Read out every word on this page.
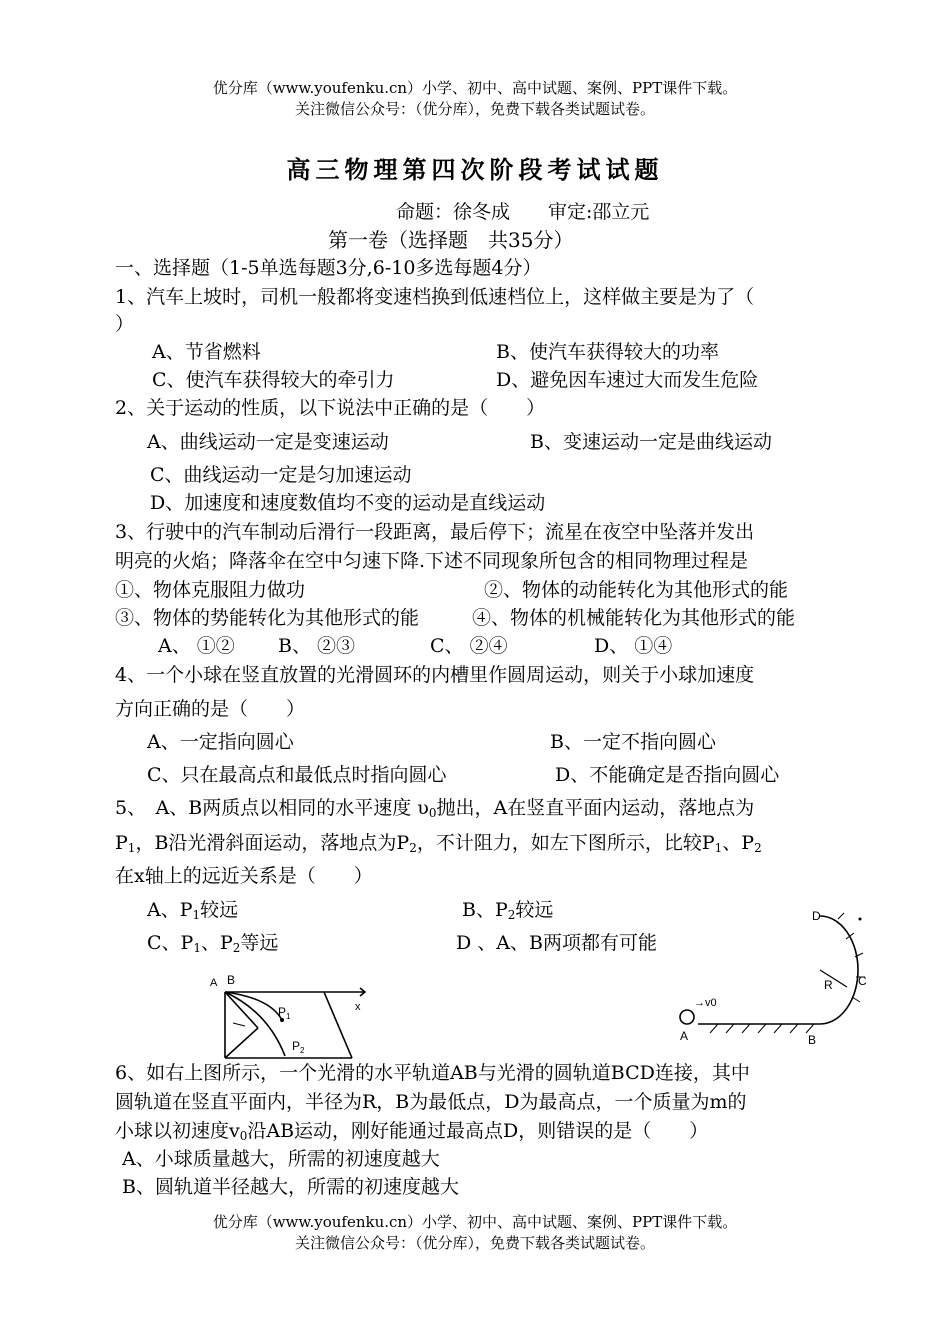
优分库（www.youfenku.cn）小学、初中、高中试题、案例、PPT课件下载。
关注微信公众号：（优分库），免费下载各类试题试卷。
高三物理第四次阶段考试试题
命题：徐冬成　　审定:邵立元
第一卷（选择题　共35分）
一、选择题（1-5单选每题3分,6-10多选每题4分）
1、汽车上坡时，司机一般都将变速档换到低速档位上，这样做主要是为了（
）
A、节省燃料	B、使汽车获得较大的功率
C、使汽车获得较大的牵引力	D、避免因车速过大而发生危险
2、关于运动的性质，以下说法中正确的是（　　）
A、曲线运动一定是变速运动	B、变速运动一定是曲线运动
C、曲线运动一定是匀加速运动
D、加速度和速度数值均不变的运动是直线运动
3、行驶中的汽车制动后滑行一段距离，最后停下；流星在夜空中坠落并发出
明亮的火焰；降落伞在空中匀速下降.下述不同现象所包含的相同物理过程是
①、物体克服阻力做功	②、物体的动能转化为其他形式的能
③、物体的势能转化为其他形式的能	④、物体的机械能转化为其他形式的能
A、 ①② B、 ②③	C、 ②④	D、 ①④
4、一个小球在竖直放置的光滑圆环的内槽里作圆周运动，则关于小球加速度
方向正确的是（　　）
A、一定指向圆心	B、一定不指向圆心
C、只在最高点和最低点时指向圆心	D、不能确定是否指向圆心
5、　A、B两质点以相同的水平速度 $\upsilon_0$抛出，A在竖直平面内运动，落地点为
$P_1$，B沿光滑斜面运动，落地点为$P_2$，不计阻力，如左下图所示，比较$P_1$、$P_2$
在x轴上的远近关系是（　　）
A、$P_1$较远	B、$P_2$较远
C、$P_1$、$P_2$等远	D 、A、B两项都有可能
A B
$P_1$
$P_2$
x
A
→v0
B
C
D
R
6、如右上图所示，一个光滑的水平轨道AB与光滑的圆轨道BCD连接，其中
圆轨道在竖直平面内，半径为R，B为最低点，D为最高点，一个质量为m的
小球以初速度$v_0$沿AB运动，刚好能通过最高点D，则错误的是（　　）
A、小球质量越大，所需的初速度越大
B、圆轨道半径越大，所需的初速度越大
优分库（www.youfenku.cn）小学、初中、高中试题、案例、PPT课件下载。
关注微信公众号：（优分库），免费下载各类试题试卷。
